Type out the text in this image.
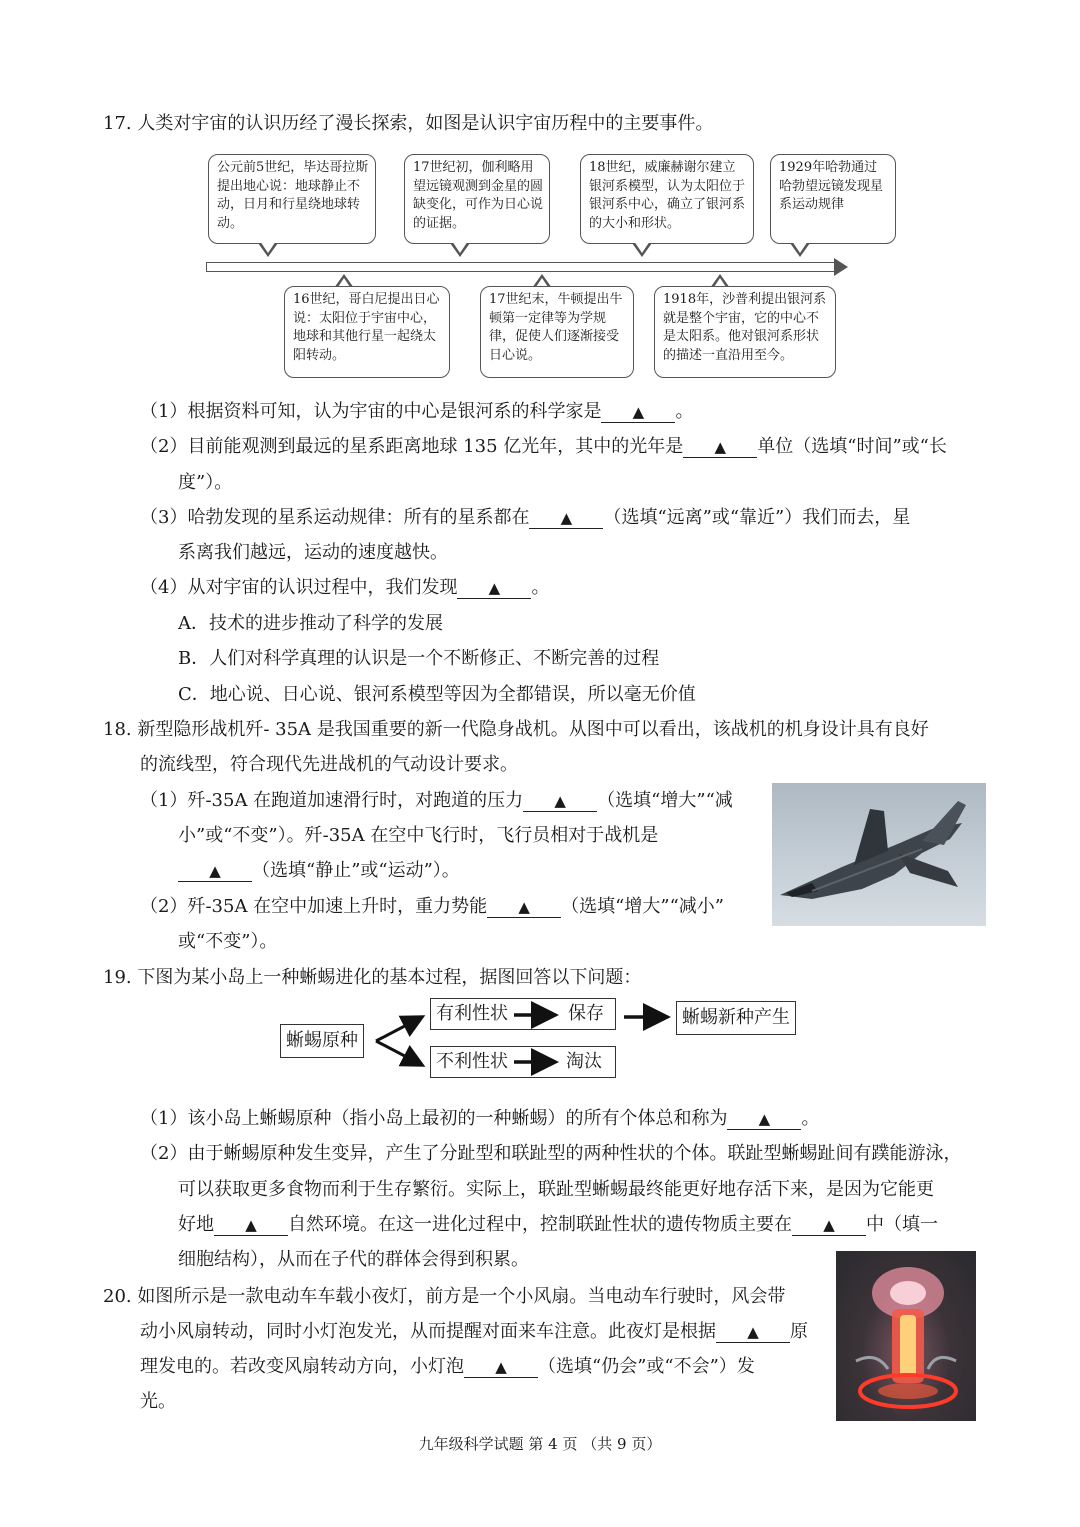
17. 人类对宇宙的认识历经了漫长探索，如图是认识宇宙历程中的主要事件。
公元前5世纪，毕达哥拉斯提出地心说：地球静止不动，日月和行星绕地球转动。
17世纪初，伽利略用望远镜观测到金星的圆缺变化，可作为日心说的证据。
18世纪，威廉赫谢尔建立银河系模型，认为太阳位于银河系中心，确立了银河系的大小和形状。
1929年哈勃通过哈勃望远镜发现星系运动规律
16世纪，哥白尼提出日心说：太阳位于宇宙中心，地球和其他行星一起绕太阳转动。
17世纪末，牛顿提出牛顿第一定律等为学规律，促使人们逐渐接受日心说。
1918年，沙普利提出银河系就是整个宇宙，它的中心不是太阳系。他对银河系形状的描述一直沿用至今。
（1）根据资料可知，认为宇宙的中心是银河系的科学家是 ▲ 。
（2）目前能观测到最远的星系距离地球 135 亿光年，其中的光年是 ▲ 单位（选填“时间”或“长
度”）。
（3）哈勃发现的星系运动规律：所有的星系都在 ▲ （选填“远离”或“靠近”）我们而去，星
系离我们越远，运动的速度越快。
（4）从对宇宙的认识过程中，我们发现 ▲ 。
A．技术的进步推动了科学的发展
B．人们对科学真理的认识是一个不断修正、不断完善的过程
C．地心说、日心说、银河系模型等因为全都错误，所以毫无价值
18. 新型隐形战机歼- 35A 是我国重要的新一代隐身战机。从图中可以看出，该战机的机身设计具有良好
的流线型，符合现代先进战机的气动设计要求。
（1）歼-35A 在跑道加速滑行时，对跑道的压力 ▲ （选填“增大”“减
小”或“不变”）。歼-35A 在空中飞行时，飞行员相对于战机是
▲ （选填“静止”或“运动”）。
（2）歼-35A 在空中加速上升时，重力势能 ▲ （选填“增大”“减小”
或“不变”）。
19. 下图为某小岛上一种蜥蜴进化的基本过程，据图回答以下问题：
蜥蜴原种
有利性状	保存	蜥蜴新种产生
不利性状	淘汰
（1）该小岛上蜥蜴原种（指小岛上最初的一种蜥蜴）的所有个体总和称为 ▲ 。
（2）由于蜥蜴原种发生变异，产生了分趾型和联趾型的两种性状的个体。联趾型蜥蜴趾间有蹼能游泳，
可以获取更多食物而利于生存繁衍。实际上，联趾型蜥蜴最终能更好地存活下来，是因为它能更
好地 ▲ 自然环境。在这一进化过程中，控制联趾性状的遗传物质主要在 ▲ 中（填一
细胞结构），从而在子代的群体会得到积累。
20. 如图所示是一款电动车车载小夜灯，前方是一个小风扇。当电动车行驶时，风会带
动小风扇转动，同时小灯泡发光，从而提醒对面来车注意。此夜灯是根据 ▲ 原
理发电的。若改变风扇转动方向，小灯泡 ▲ （选填“仍会”或“不会”）发
光。
九年级科学试题 第 4 页 （共 9 页）
